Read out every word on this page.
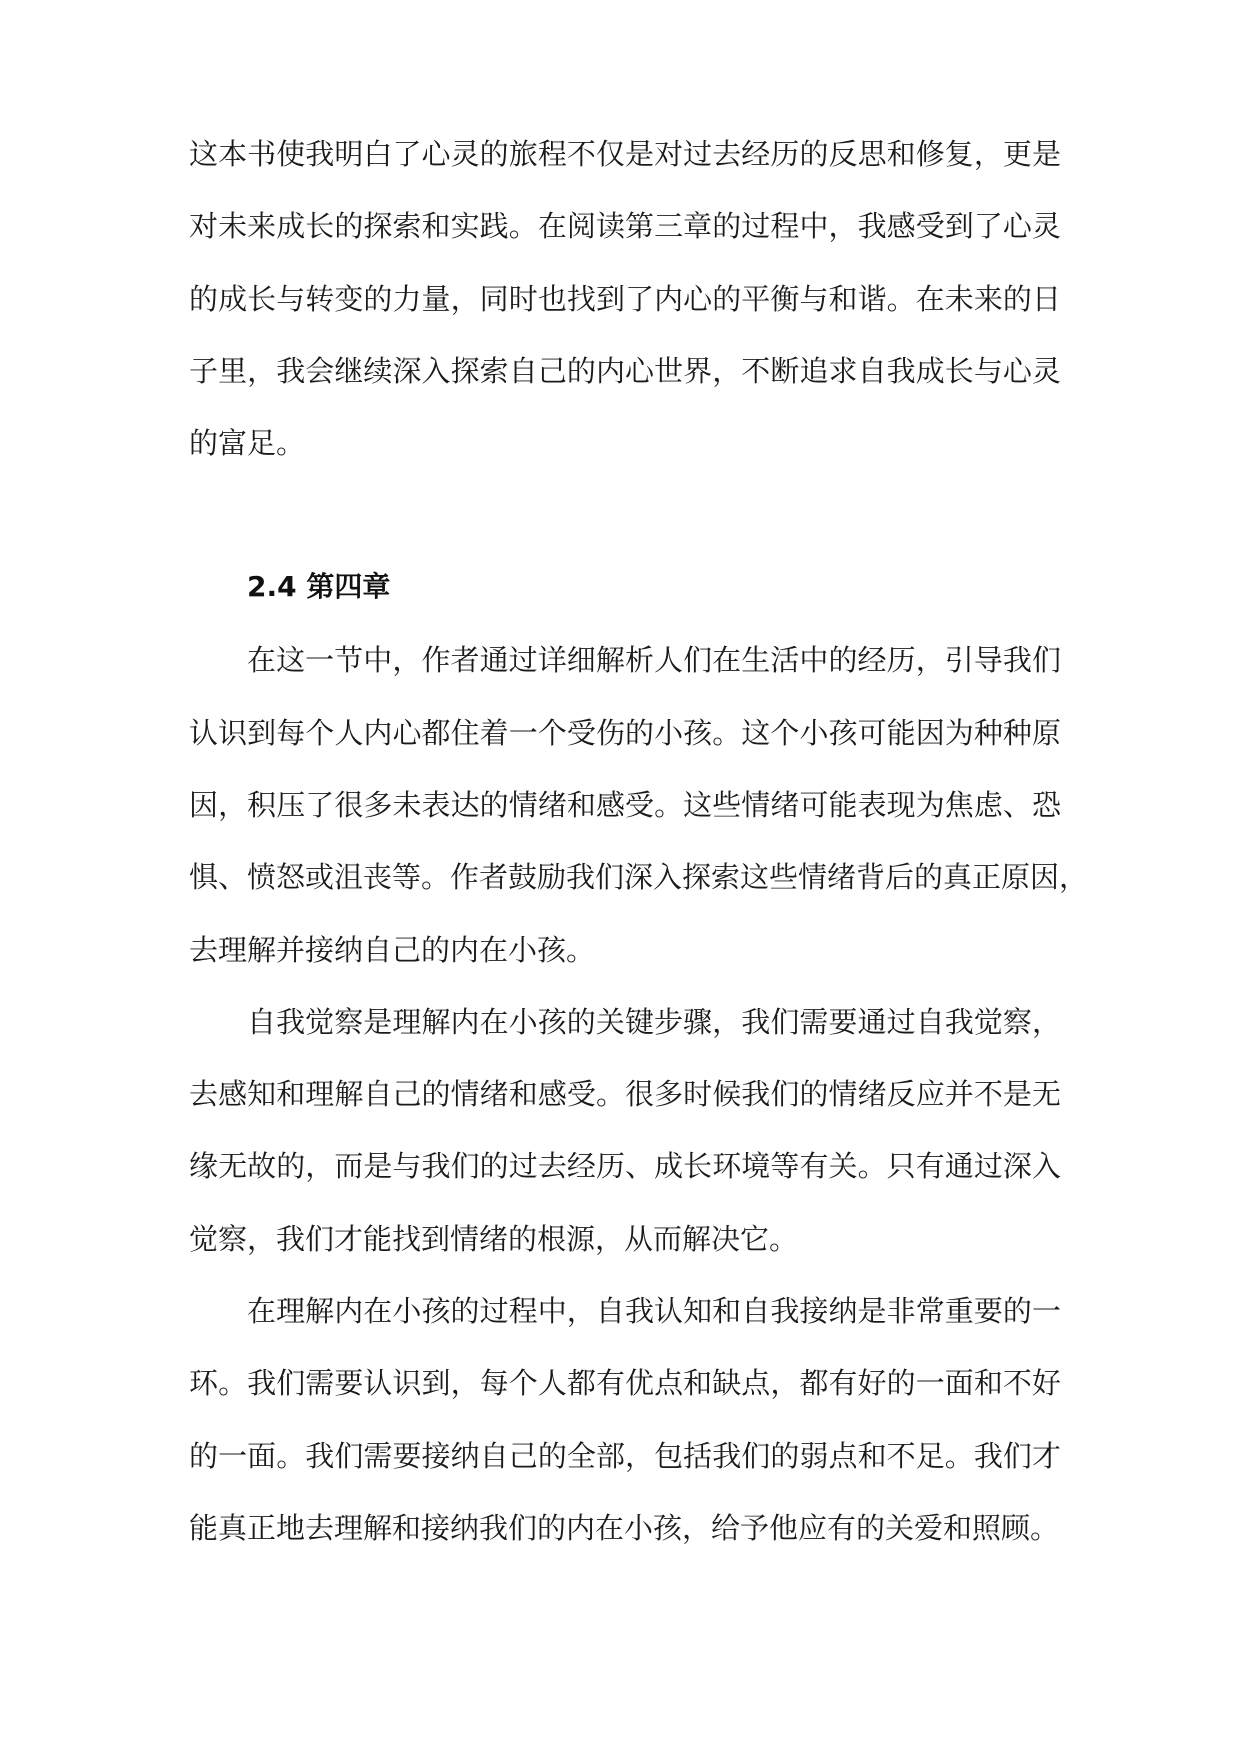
这本书使我明白了心灵的旅程不仅是对过去经历的反思和修复，更是
对未来成长的探索和实践。在阅读第三章的过程中，我感受到了心灵
的成长与转变的力量，同时也找到了内心的平衡与和谐。在未来的日
子里，我会继续深入探索自己的内心世界，不断追求自我成长与心灵
的富足。
2.4 第四章
在这一节中，作者通过详细解析人们在生活中的经历，引导我们
认识到每个人内心都住着一个受伤的小孩。这个小孩可能因为种种原
因，积压了很多未表达的情绪和感受。这些情绪可能表现为焦虑、恐
惧、愤怒或沮丧等。作者鼓励我们深入探索这些情绪背后的真正原因，
去理解并接纳自己的内在小孩。
自我觉察是理解内在小孩的关键步骤，我们需要通过自我觉察，
去感知和理解自己的情绪和感受。很多时候我们的情绪反应并不是无
缘无故的，而是与我们的过去经历、成长环境等有关。只有通过深入
觉察，我们才能找到情绪的根源，从而解决它。
在理解内在小孩的过程中，自我认知和自我接纳是非常重要的一
环。我们需要认识到，每个人都有优点和缺点，都有好的一面和不好
的一面。我们需要接纳自己的全部，包括我们的弱点和不足。我们才
能真正地去理解和接纳我们的内在小孩，给予他应有的关爱和照顾。
